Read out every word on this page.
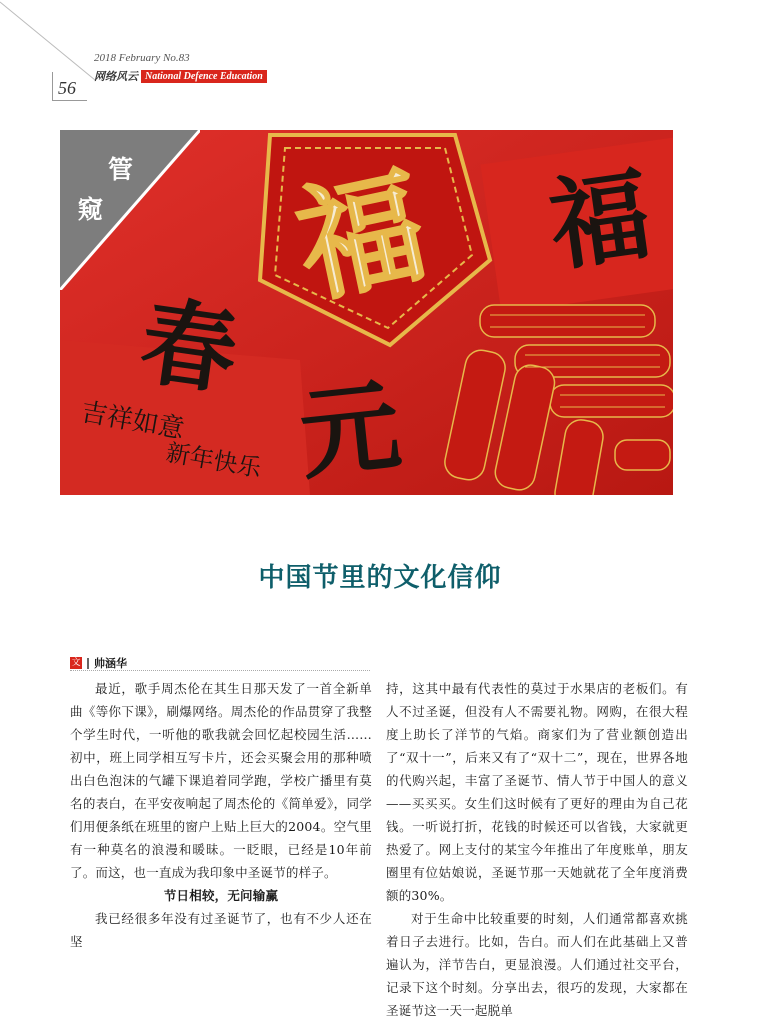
56
2018 February No.83
网络风云 National Defence Education
福
春
元
福
吉祥如意
新年快乐
管
窥
中国节里的文化信仰
文 帅涵华

最近，歌手周杰伦在其生日那天发了一首全新单曲《等你下课》，刷爆网络。周杰伦的作品贯穿了我整个学生时代，一听他的歌我就会回忆起校园生活……初中，班上同学相互写卡片，还会买聚会用的那种喷出白色泡沫的气罐下课追着同学跑，学校广播里有莫名的表白，在平安夜响起了周杰伦的《简单爱》，同学们用便条纸在班里的窗户上贴上巨大的2004。空气里有一种莫名的浪漫和暖昧。一眨眼，已经是10年前了。而这，也一直成为我印象中圣诞节的样子。

节日相较，无问输赢

我已经很多年没有过圣诞节了，也有不少人还在坚

持，这其中最有代表性的莫过于水果店的老板们。有人不过圣诞，但没有人不需要礼物。网购，在很大程度上助长了洋节的气焰。商家们为了营业额创造出了“双十一”，后来又有了“双十二”，现在，世界各地的代购兴起，丰富了圣诞节、情人节于中国人的意义——买买买。女生们这时候有了更好的理由为自己花钱。一听说打折，花钱的时候还可以省钱，大家就更热爱了。网上支付的某宝今年推出了年度账单，朋友圈里有位姑娘说，圣诞节那一天她就花了全年度消费额的30%。

对于生命中比较重要的时刻，人们通常都喜欢挑着日子去进行。比如，告白。而人们在此基础上又普遍认为，洋节告白，更显浪漫。人们通过社交平台，记录下这个时刻。分享出去，很巧的发现，大家都在圣诞节这一天一起脱单
